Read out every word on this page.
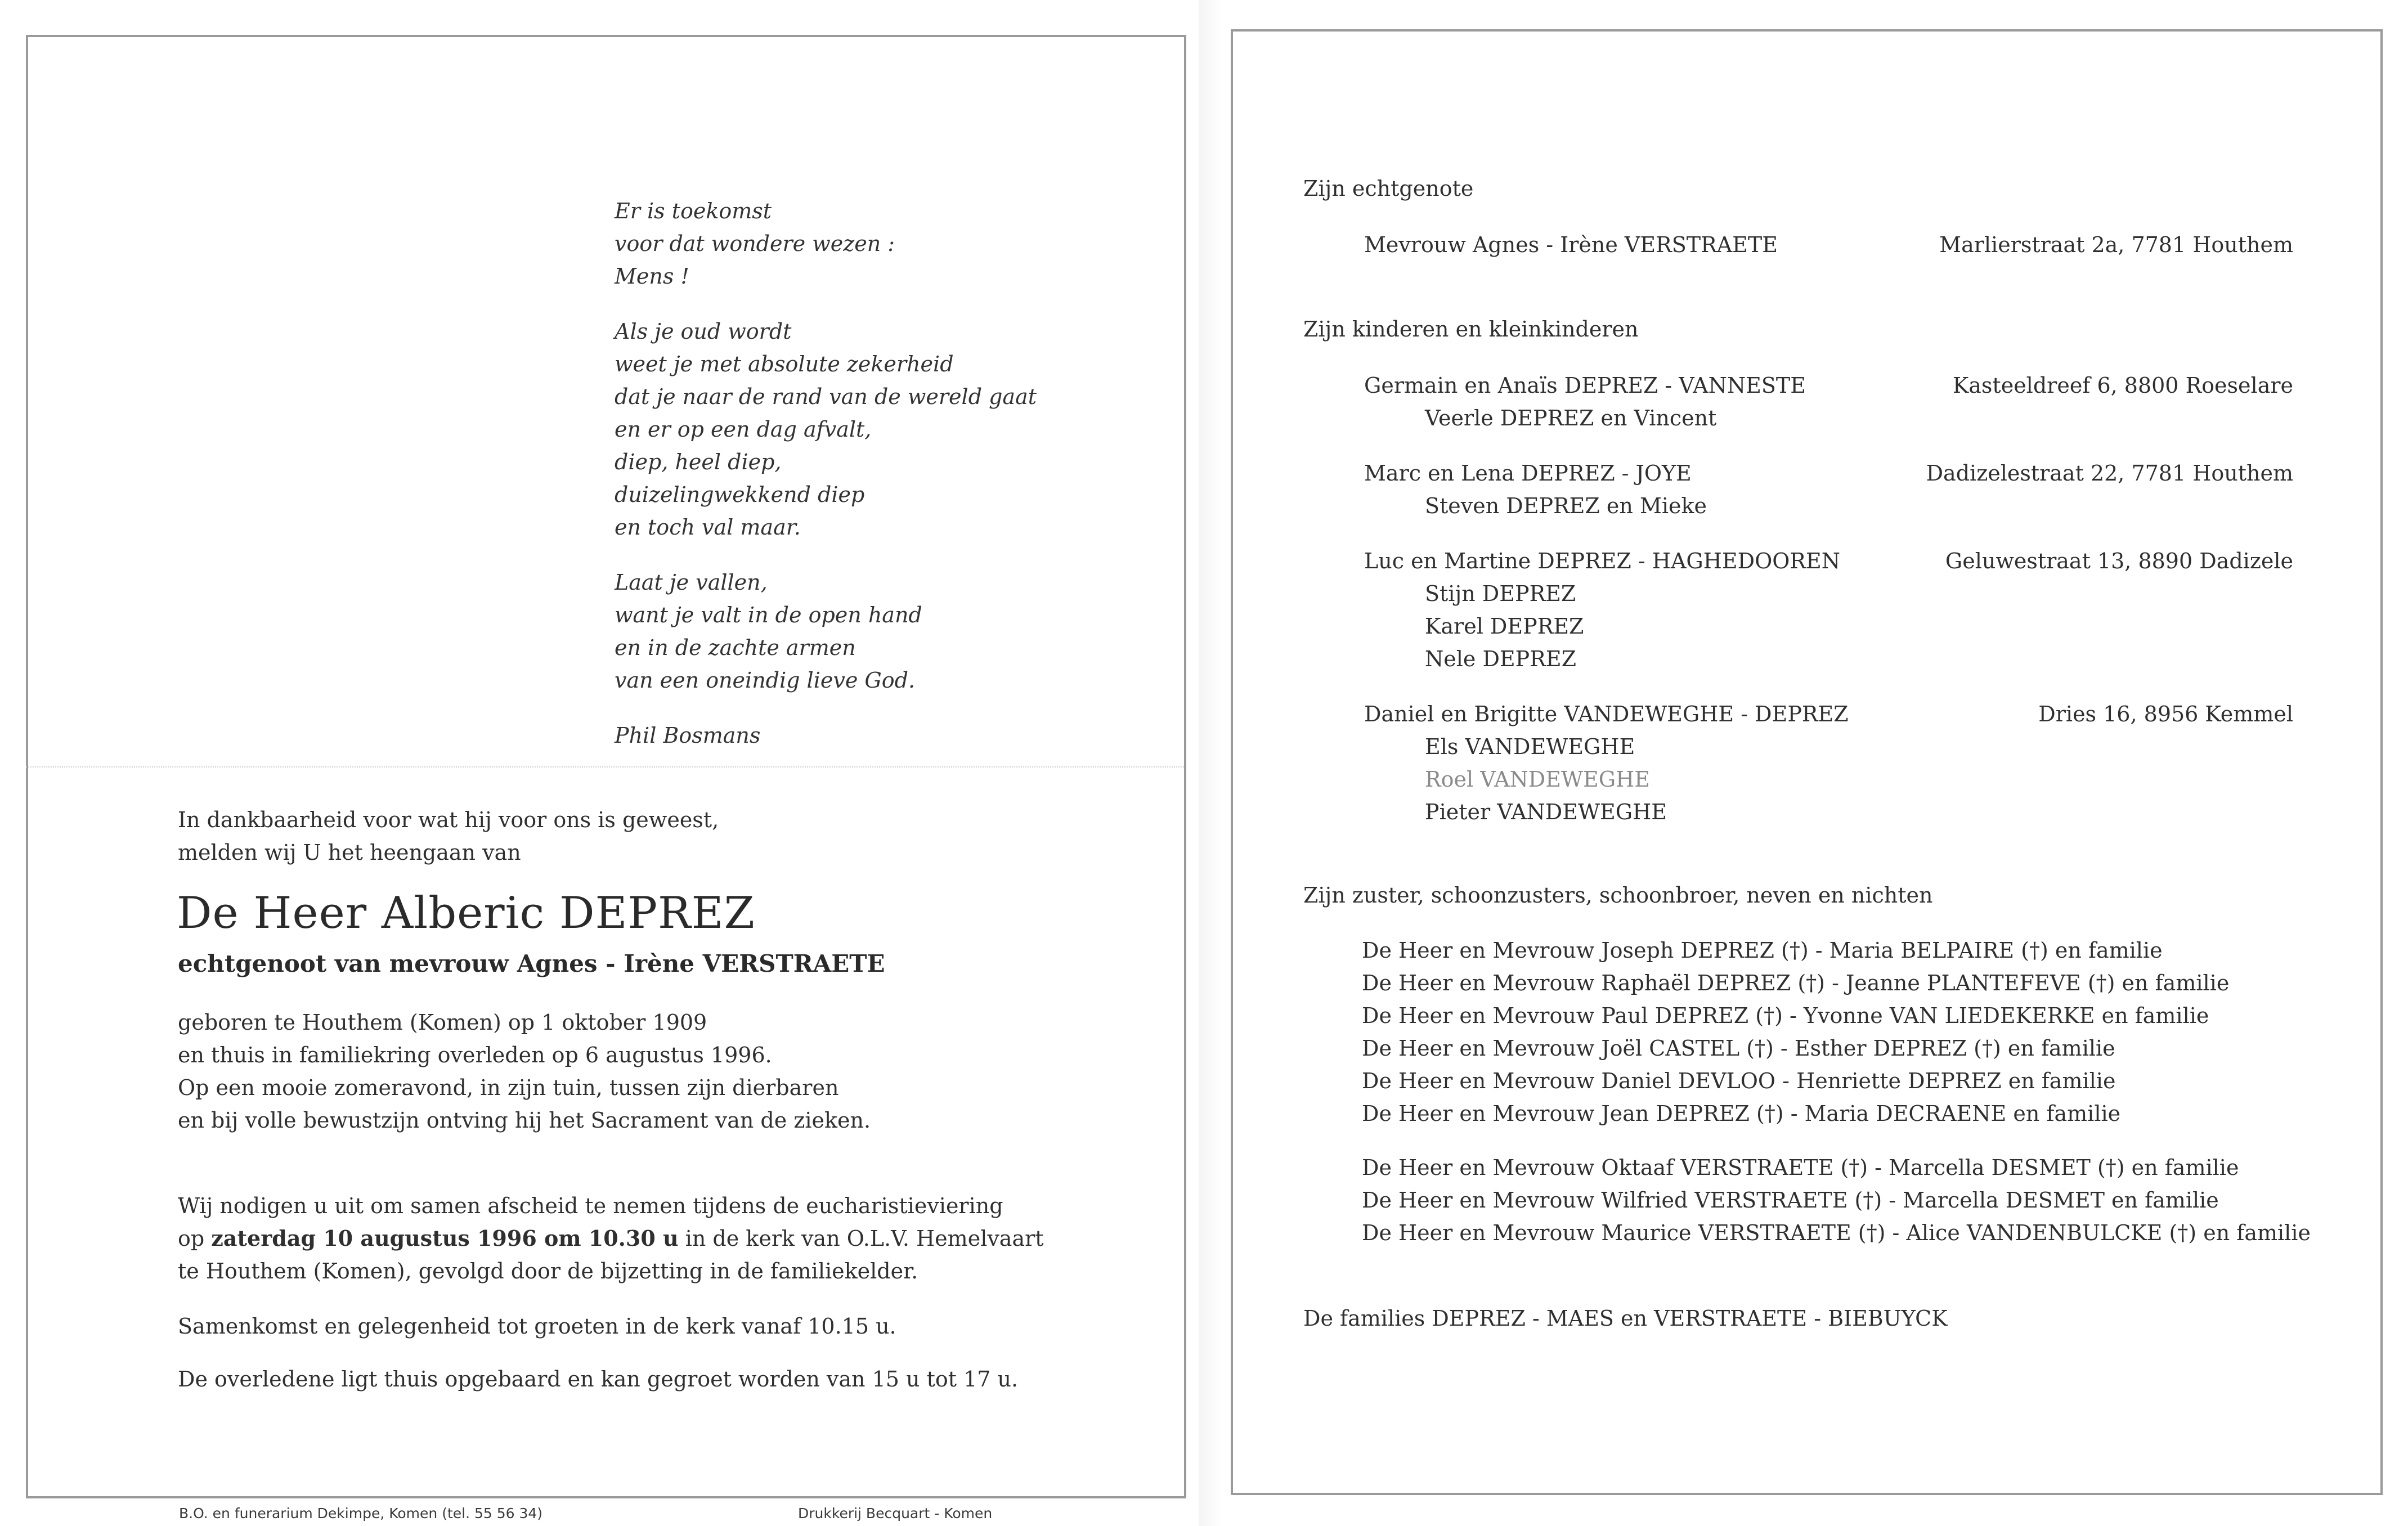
Er is toekomst
voor dat wondere wezen :
Mens !
Als je oud wordt
weet je met absolute zekerheid
dat je naar de rand van de wereld gaat
en er op een dag afvalt,
diep, heel diep,
duizelingwekkend diep
en toch val maar.
Laat je vallen,
want je valt in de open hand
en in de zachte armen
van een oneindig lieve God.
Phil Bosmans
In dankbaarheid voor wat hij voor ons is geweest,
melden wij U het heengaan van
De Heer Alberic DEPREZ
echtgenoot van mevrouw Agnes - Irène VERSTRAETE
geboren te Houthem (Komen) op 1 oktober 1909
en thuis in familiekring overleden op 6 augustus 1996.
Op een mooie zomeravond, in zijn tuin, tussen zijn dierbaren
en bij volle bewustzijn ontving hij het Sacrament van de zieken.
Wij nodigen u uit om samen afscheid te nemen tijdens de eucharistieviering
op zaterdag 10 augustus 1996 om 10.30 u in de kerk van O.L.V. Hemelvaart
te Houthem (Komen), gevolgd door de bijzetting in de familiekelder.
Samenkomst en gelegenheid tot groeten in de kerk vanaf 10.15 u.
De overledene ligt thuis opgebaard en kan gegroet worden van 15 u tot 17 u.
B.O. en funerarium Dekimpe, Komen (tel. 55 56 34)	Drukkerij Becquart - Komen
Zijn echtgenote
Mevrouw Agnes - Irène VERSTRAETE	Marlierstraat 2a, 7781 Houthem
Zijn kinderen en kleinkinderen
Germain en Anaïs DEPREZ - VANNESTE
Veerle DEPREZ en Vincent
Kasteeldreef 6, 8800 Roeselare
Marc en Lena DEPREZ - JOYE
Steven DEPREZ en Mieke
Dadizelestraat 22, 7781 Houthem
Luc en Martine DEPREZ - HAGHEDOOREN
Stijn DEPREZ
Karel DEPREZ
Nele DEPREZ
Geluwestraat 13, 8890 Dadizele
Daniel en Brigitte VANDEWEGHE - DEPREZ
Els VANDEWEGHE
Roel VANDEWEGHE
Pieter VANDEWEGHE
Dries 16, 8956 Kemmel
Zijn zuster, schoonzusters, schoonbroer, neven en nichten
De Heer en Mevrouw Joseph DEPREZ (†) - Maria BELPAIRE (†) en familie
De Heer en Mevrouw Raphaël DEPREZ (†) - Jeanne PLANTEFEVE (†) en familie
De Heer en Mevrouw Paul DEPREZ (†) - Yvonne VAN LIEDEKERKE en familie
De Heer en Mevrouw Joël CASTEL (†) - Esther DEPREZ (†) en familie
De Heer en Mevrouw Daniel DEVLOO - Henriette DEPREZ en familie
De Heer en Mevrouw Jean DEPREZ (†) - Maria DECRAENE en familie
De Heer en Mevrouw Oktaaf VERSTRAETE (†) - Marcella DESMET (†) en familie
De Heer en Mevrouw Wilfried VERSTRAETE (†) - Marcella DESMET en familie
De Heer en Mevrouw Maurice VERSTRAETE (†) - Alice VANDENBULCKE (†) en familie
De families DEPREZ - MAES en VERSTRAETE - BIEBUYCK
